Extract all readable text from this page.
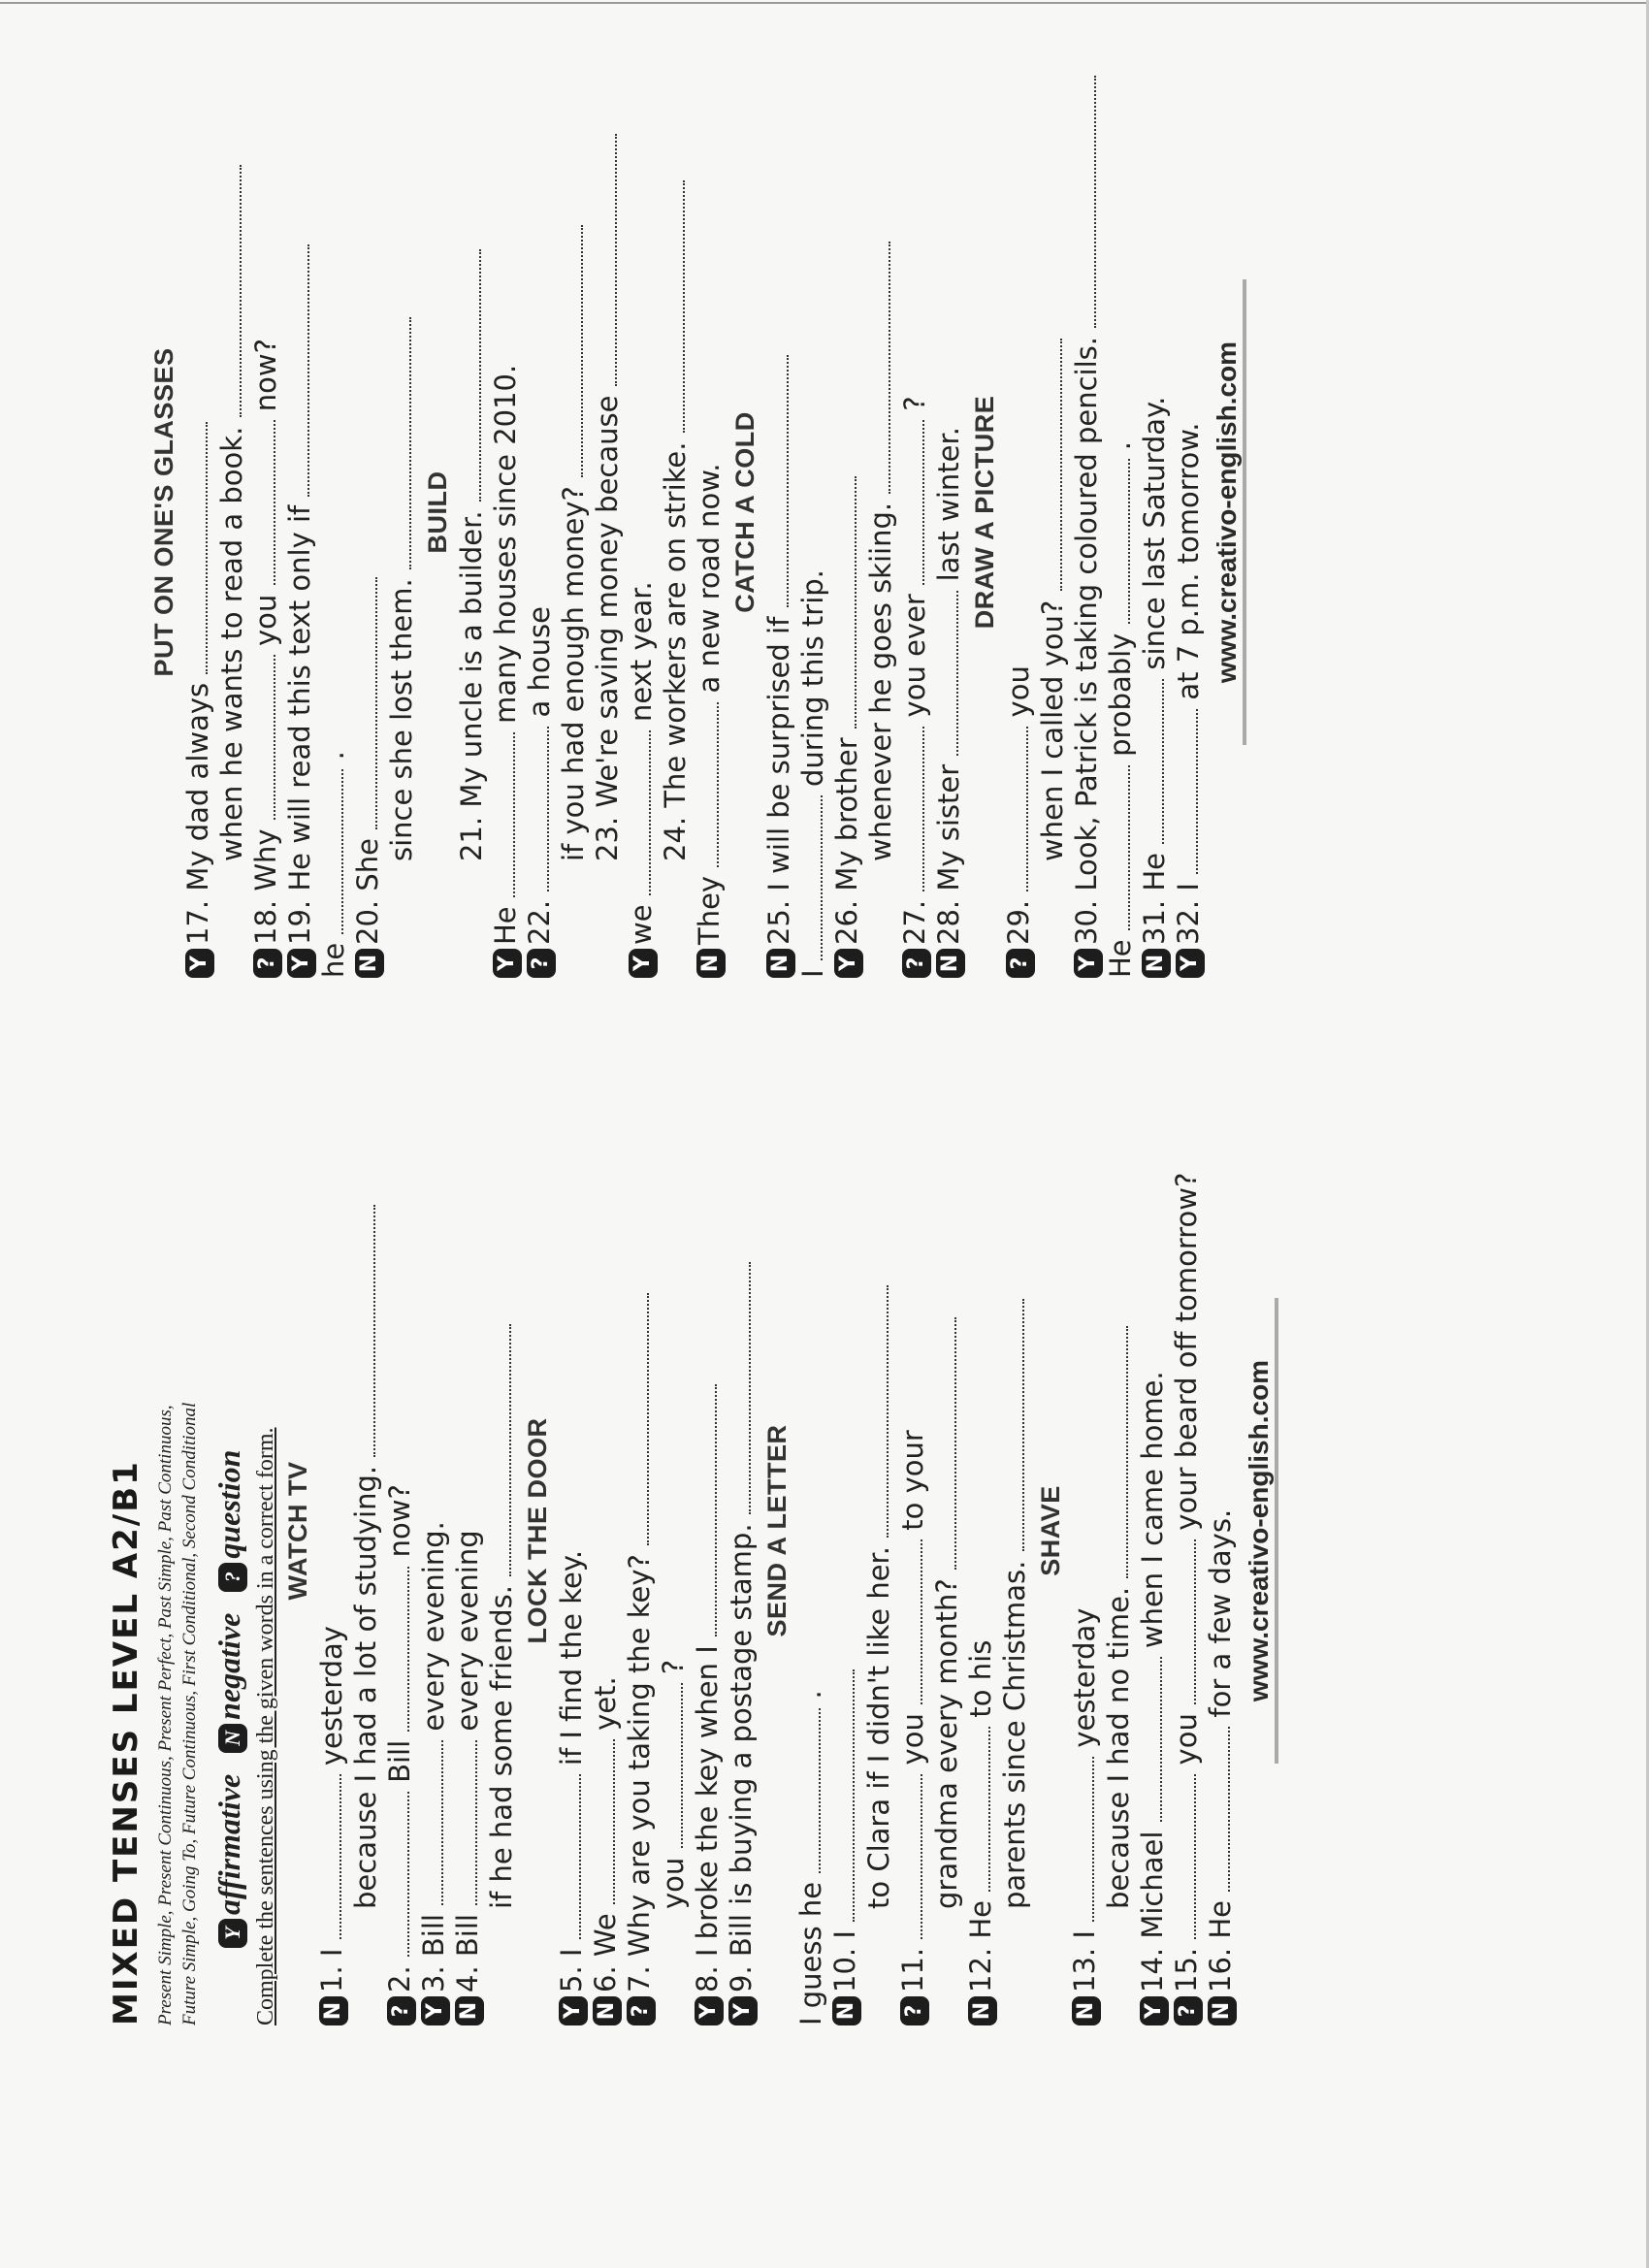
MIXED TENSES LEVEL A2/B1 Present Simple, Present Continuous, Present Perfect, Past Simple, Past Continuous, Future Simple, Going To, Future Continuous, First Conditional, Second Conditional Yaffirmative Nnegative ?question Complete the sentences using the given words in a correct form. WATCH TV
N1. I  yesterday because I had a lot of studying.
?2.  Bill  now?
Y3. Bill  every evening.
N4. Bill  every evening if he had some friends.
LOCK THE DOOR
Y5. I  if I find the key.
N6. We  yet.
?7. Why are you taking the key? you  ?
Y8. I broke the key when I
Y9. Bill is buying a postage stamp. SEND A LETTER
I guess he  .
N10. I
to Clara if I didn't like her.
?11.  you  to your
grandma every month?
N12. He  to his parents since Christmas.
SHAVE
N13. I  yesterday because I had no time.
Y14. Michael  when I came home.
?15.  you  your beard off tomorrow?
N16. He  for a few days. www.creativo-english.com
PUT ON ONE'S GLASSES
Y17. My dad always when he wants to read a book.
?18. Why  you  now?
Y19. He will read this text only if
he  .
N20. She
since she lost them.
BUILD 21. My uncle is a builder.
YHe  many houses since 2010.
?22.  a house if you had enough money? 23. We're saving money because
Ywe  next year. 24. The workers are on strike.
NThey  a new road now. CATCH A COLD
N25. I will be surprised if
I  during this trip.
Y26. My brother whenever he goes skiing.
?27.  you ever  ?
N28. My sister  last winter. DRAW A PICTURE
?29.  you when I called you?
Y30. Look, Patrick is taking coloured pencils.
He  probably  .
N31. He  since last Saturday.
Y32. I  at 7 p.m. tomorrow. www.creativo-english.com
